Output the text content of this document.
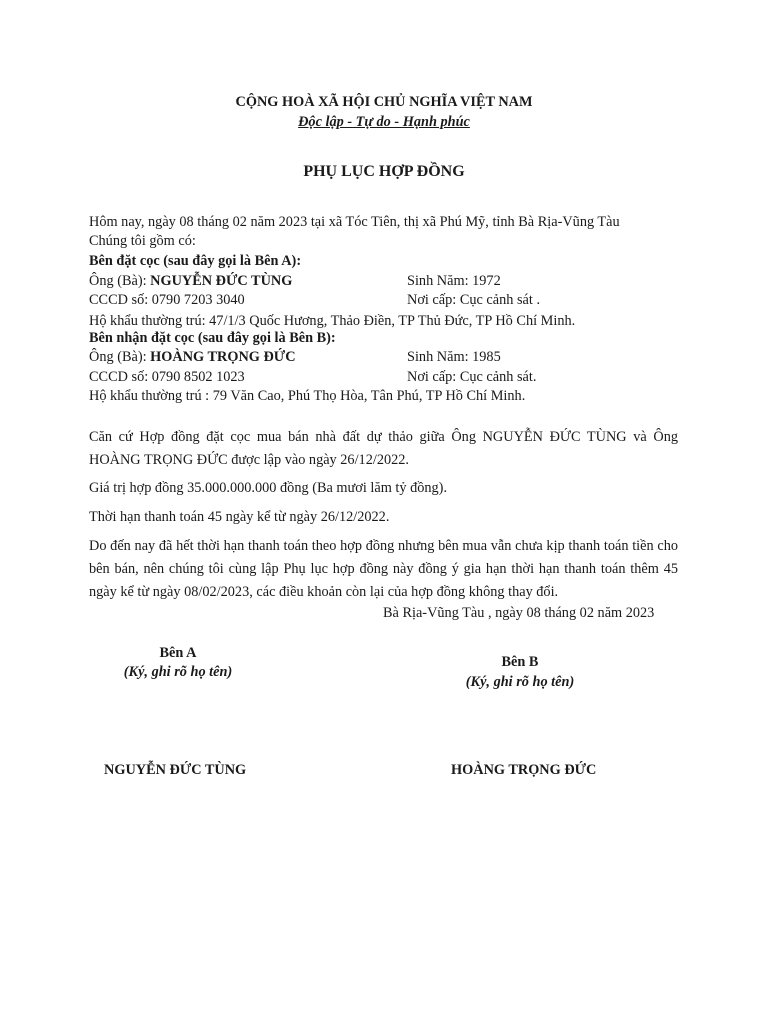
CỘNG HOÀ XÃ HỘI CHỦ NGHĨA VIỆT NAM
Độc lập - Tự do - Hạnh phúc
PHỤ LỤC HỢP ĐỒNG
Hôm nay, ngày 08 tháng 02 năm 2023 tại xã Tóc Tiên, thị xã Phú Mỹ, tỉnh Bà Rịa-Vũng Tàu
Chúng tôi gồm có:
Bên đặt cọc (sau đây gọi là Bên A):
Ông (Bà): NGUYỄN ĐỨC TÙNG	Sinh Năm: 1972
CCCD số: 0790 7203 3040	Nơi cấp: Cục cảnh sát .
Hộ khẩu thường trú: 47/1/3 Quốc Hương, Thảo Điền, TP Thủ Đức, TP Hồ Chí Minh.
Bên nhận đặt cọc (sau đây gọi là Bên B):
Ông (Bà): HOÀNG TRỌNG ĐỨC	Sinh Năm: 1985
CCCD số: 0790 8502 1023	Nơi cấp: Cục cảnh sát.
Hộ khẩu thường trú : 79 Văn Cao, Phú Thọ Hòa, Tân Phú, TP Hồ Chí Minh.
Căn cứ Hợp đồng đặt cọc mua bán nhà đất dự thảo giữa Ông NGUYỄN ĐỨC TÙNG và Ông HOÀNG TRỌNG ĐỨC được lập vào ngày 26/12/2022.
Giá trị hợp đồng 35.000.000.000 đồng (Ba mươi lăm tỷ đồng).
Thời hạn thanh toán 45 ngày kể từ ngày 26/12/2022.
Do đến nay đã hết thời hạn thanh toán theo hợp đồng nhưng bên mua vẫn chưa kịp thanh toán tiền cho bên bán, nên chúng tôi cùng lập Phụ lục hợp đồng này đồng ý gia hạn thời hạn thanh toán thêm 45 ngày kể từ ngày 08/02/2023, các điều khoản còn lại của hợp đồng không thay đổi.
Bà Rịa-Vũng Tàu , ngày 08 tháng 02 năm 2023
Bên A
(Ký, ghi rõ họ tên)
Bên B
(Ký, ghi rõ họ tên)
NGUYỄN ĐỨC TÙNG	HOÀNG TRỌNG ĐỨC
